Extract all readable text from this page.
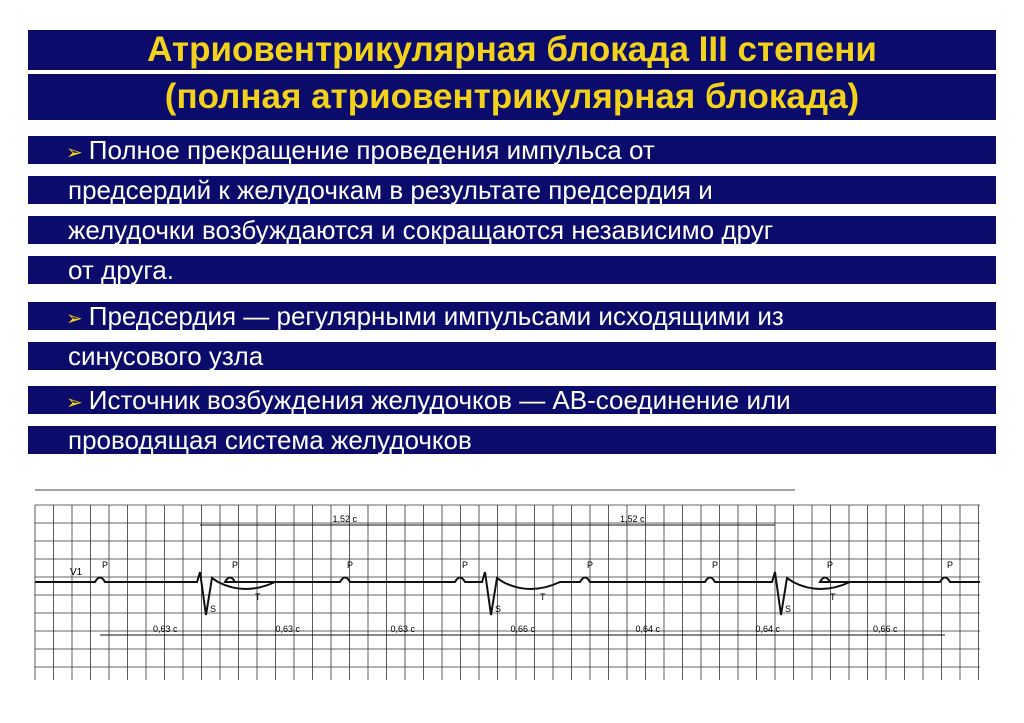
Атриовентрикулярная блокада III степени
(полная атриовентрикулярная блокада)
➢ Полное прекращение проведения импульса от
предсердий к желудочкам в результате предсердия и
желудочки возбуждаются и сокращаются независимо друг
от друга.
➢ Предсердия — регулярными импульсами исходящими из
синусового узла
➢ Источник возбуждения желудочков — АВ-соединение или
проводящая система желудочков
V1
P	P	P	P	P	P	P	P
S	S	S
T	T	T
1,52 с	1,52 с
0,63 с	0,63 с	0,63 с	0,66 с	0,64 с	0,64 с	0,66 с
